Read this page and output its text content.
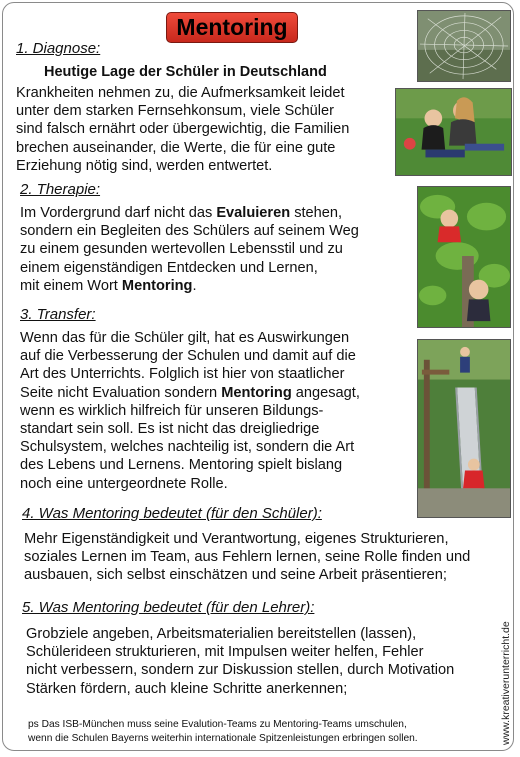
Mentoring
1. Diagnose:
Heutige Lage der Schüler in Deutschland
Krankheiten nehmen zu, die Aufmerksamkeit leidet
unter dem starken Fernsehkonsum, viele Schüler
sind falsch ernährt oder übergewichtig, die Familien
brechen auseinander, die Werte, die für eine gute
Erziehung nötig sind, werden entwertet.
2. Therapie:
Im Vordergrund darf nicht das Evaluieren stehen,
sondern ein Begleiten des Schülers auf seinem Weg
zu einem gesunden wertevollen Lebensstil und zu
einem eigenständigen Entdecken und Lernen,
mit einem Wort Mentoring.
3. Transfer:
Wenn das für die Schüler gilt, hat es Auswirkungen
auf die Verbesserung der Schulen und damit auf die
Art des Unterrichts. Folglich ist hier von staatlicher
Seite nicht Evaluation sondern Mentoring angesagt,
wenn es wirklich hilfreich für unseren Bildungs-
standart sein soll. Es ist nicht das dreigliedrige
Schulsystem, welches nachteilig ist, sondern die Art
des Lebens und Lernens. Mentoring spielt bislang
noch eine untergeordnete Rolle.
4. Was Mentoring bedeutet (für den Schüler):
Mehr Eigenständigkeit und Verantwortung, eigenes Strukturieren,
soziales Lernen im Team, aus Fehlern lernen, seine Rolle finden und
ausbauen, sich selbst einschätzen und seine Arbeit präsentieren;
5. Was Mentoring bedeutet (für den Lehrer):
Grobziele angeben, Arbeitsmaterialien bereitstellen (lassen),
Schülerideen strukturieren, mit Impulsen weiter helfen, Fehler
nicht verbessern, sondern zur Diskussion stellen, durch Motivation
Stärken fördern, auch kleine Schritte anerkennen;
ps Das ISB-München muss seine Evalution-Teams zu Mentoring-Teams umschulen,
wenn die Schulen Bayerns weiterhin internationale Spitzenleistungen erbringen sollen.	www.kreativerunterricht.de
